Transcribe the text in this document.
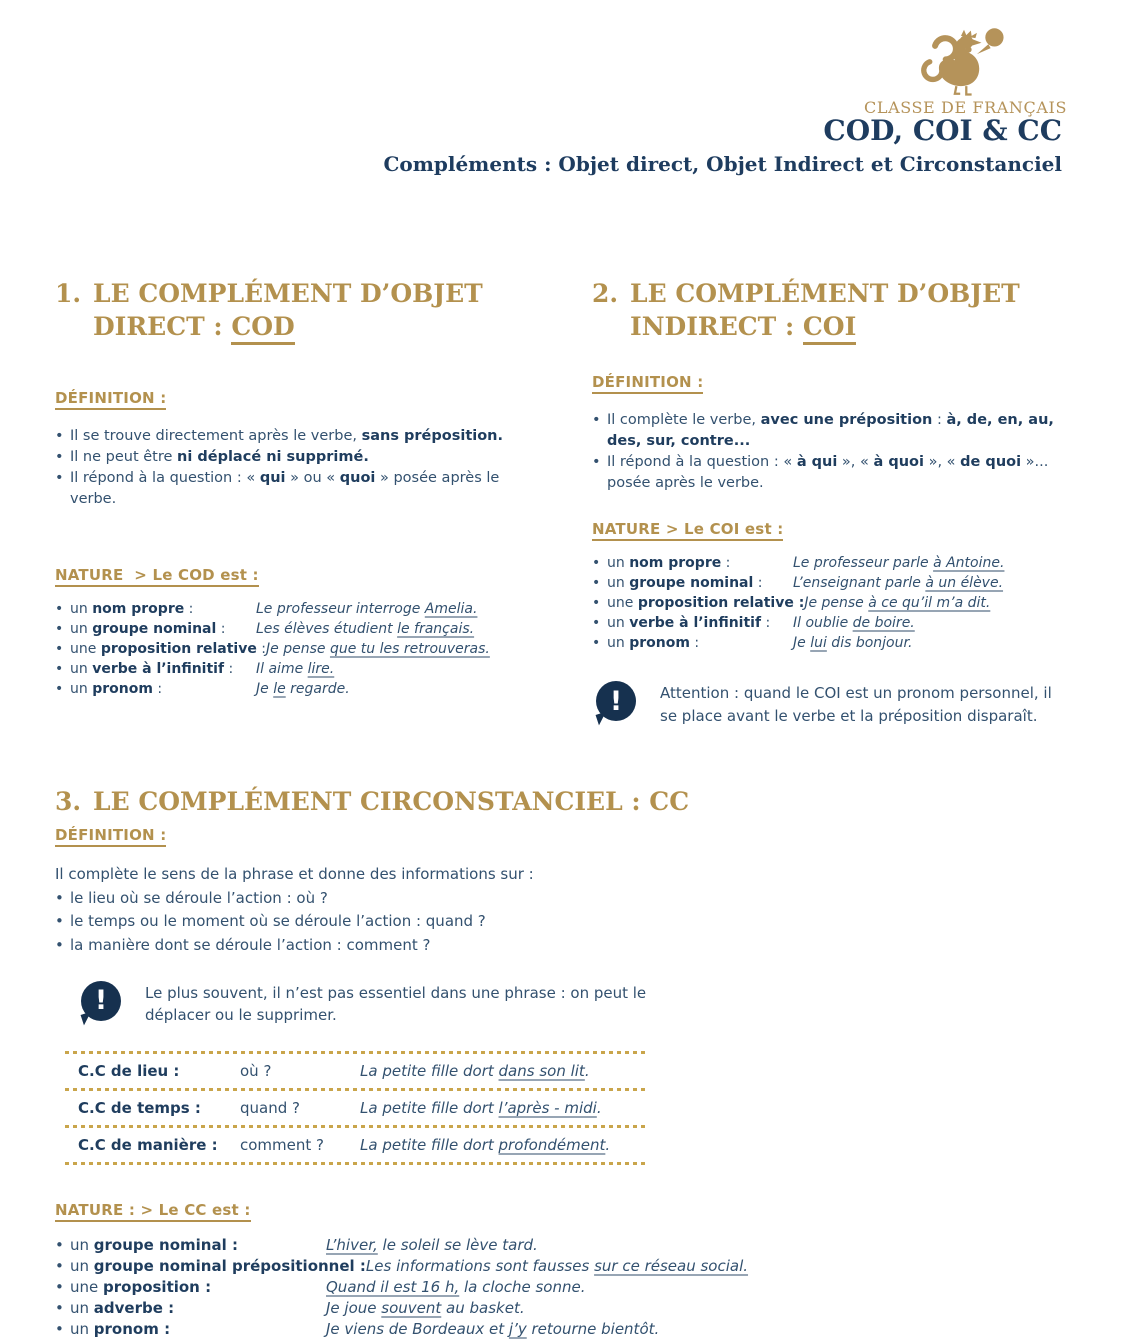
CLASSE DE FRANÇAIS
COD, COI & CC
Compléments : Objet direct, Objet Indirect et Circonstanciel
1. LE COMPLÉMENT D’OBJET
DIRECT : COD
DÉFINITION :
• Il se trouve directement après le verbe, sans préposition.
• Il ne peut être ni déplacé ni supprimé.
• Il répond à la question : « qui » ou « quoi » posée après le verbe.
NATURE  > Le COD est :
• un nom propre :	Le professeur interroge Amelia.
• un groupe nominal :	Les élèves étudient le français.
• une proposition relative : Je pense que tu les retrouveras.
• un verbe à l’infinitif :	Il aime lire.
• un pronom :	Je le regarde.
2. LE COMPLÉMENT D’OBJET
INDIRECT : COI
DÉFINITION :
• Il complète le verbe, avec une préposition : à, de, en, au, des, sur, contre...
• Il répond à la question : « à qui », « à quoi », « de quoi »... posée après le verbe.
NATURE > Le COI est :
• un nom propre :	Le professeur parle à Antoine.
• un groupe nominal :	L’enseignant parle à un élève.
• une proposition relative : Je pense à ce qu’il m’a dit.
• un verbe à l’infinitif :	Il oublie de boire.
• un pronom :	Je lui dis bonjour.
!
Attention : quand le COI est un pronom personnel, il se place avant le verbe et la préposition disparaît.
3. LE COMPLÉMENT CIRCONSTANCIEL : CC
DÉFINITION :

Il complète le sens de la phrase et donne des informations sur :

• le lieu où se déroule l’action : où ?
• le temps ou le moment où se déroule l’action : quand ?
• la manière dont se déroule l’action : comment ?
!
Le plus souvent, il n’est pas essentiel dans une phrase : on peut le déplacer ou le supprimer.
C.C de lieu :	où ?	La petite fille dort dans son lit.
C.C de temps :	quand ?	La petite fille dort l’après - midi.
C.C de manière :	comment ?	La petite fille dort profondément.
NATURE : > Le CC est :
• un groupe nominal :	L’hiver, le soleil se lève tard.
• un groupe nominal prépositionnel : Les informations sont fausses sur ce réseau social.
• une proposition :	Quand il est 16 h, la cloche sonne.
• un adverbe :	Je joue souvent au basket.
• un pronom :	Je viens de Bordeaux et j’y retourne bientôt.
